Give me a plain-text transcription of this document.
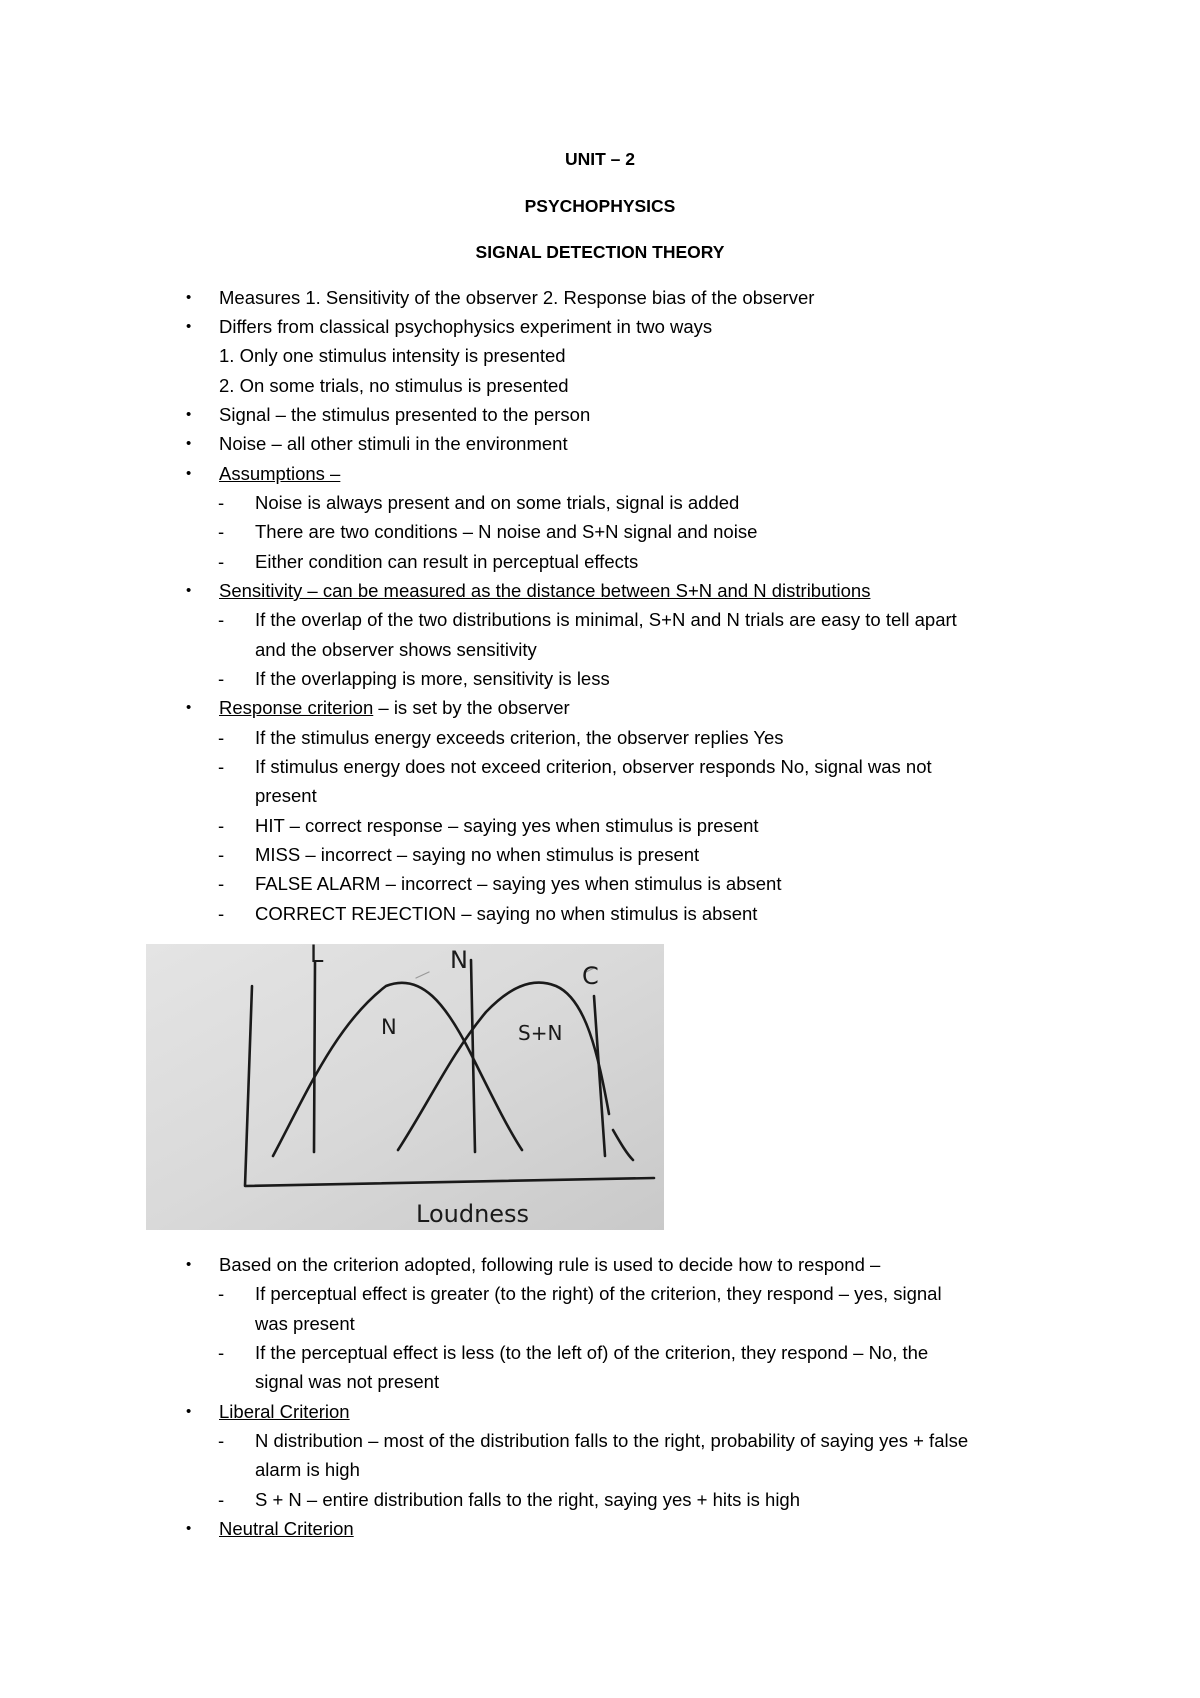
UNIT – 2
PSYCHOPHYSICS
SIGNAL DETECTION THEORY
• Measures 1. Sensitivity of the observer 2. Response bias of the observer
• Differs from classical psychophysics experiment in two ways
1. Only one stimulus intensity is presented
2. On some trials, no stimulus is presented
• Signal – the stimulus presented to the person
• Noise – all other stimuli in the environment
• Assumptions –
- Noise is always present and on some trials, signal is added
- There are two conditions – N noise and S+N signal and noise
- Either condition can result in perceptual effects
• Sensitivity – can be measured as the distance between S+N and N distributions
- If the overlap of the two distributions is minimal, S+N and N trials are easy to tell apart
and the observer shows sensitivity
- If the overlapping is more, sensitivity is less
• Response criterion – is set by the observer
- If the stimulus energy exceeds criterion, the observer replies Yes
- If stimulus energy does not exceed criterion, observer responds No, signal was not
present
- HIT – correct response – saying yes when stimulus is present
- MISS – incorrect – saying no when stimulus is present
- FALSE ALARM – incorrect – saying yes when stimulus is absent
- CORRECT REJECTION – saying no when stimulus is absent
L	N
C
N	S+N
Loudness
• Based on the criterion adopted, following rule is used to decide how to respond –
- If perceptual effect is greater (to the right) of the criterion, they respond – yes, signal
was present
- If the perceptual effect is less (to the left of) of the criterion, they respond – No, the
signal was not present
• Liberal Criterion
- N distribution – most of the distribution falls to the right, probability of saying yes + false
alarm is high
- S + N – entire distribution falls to the right, saying yes + hits is high
• Neutral Criterion
